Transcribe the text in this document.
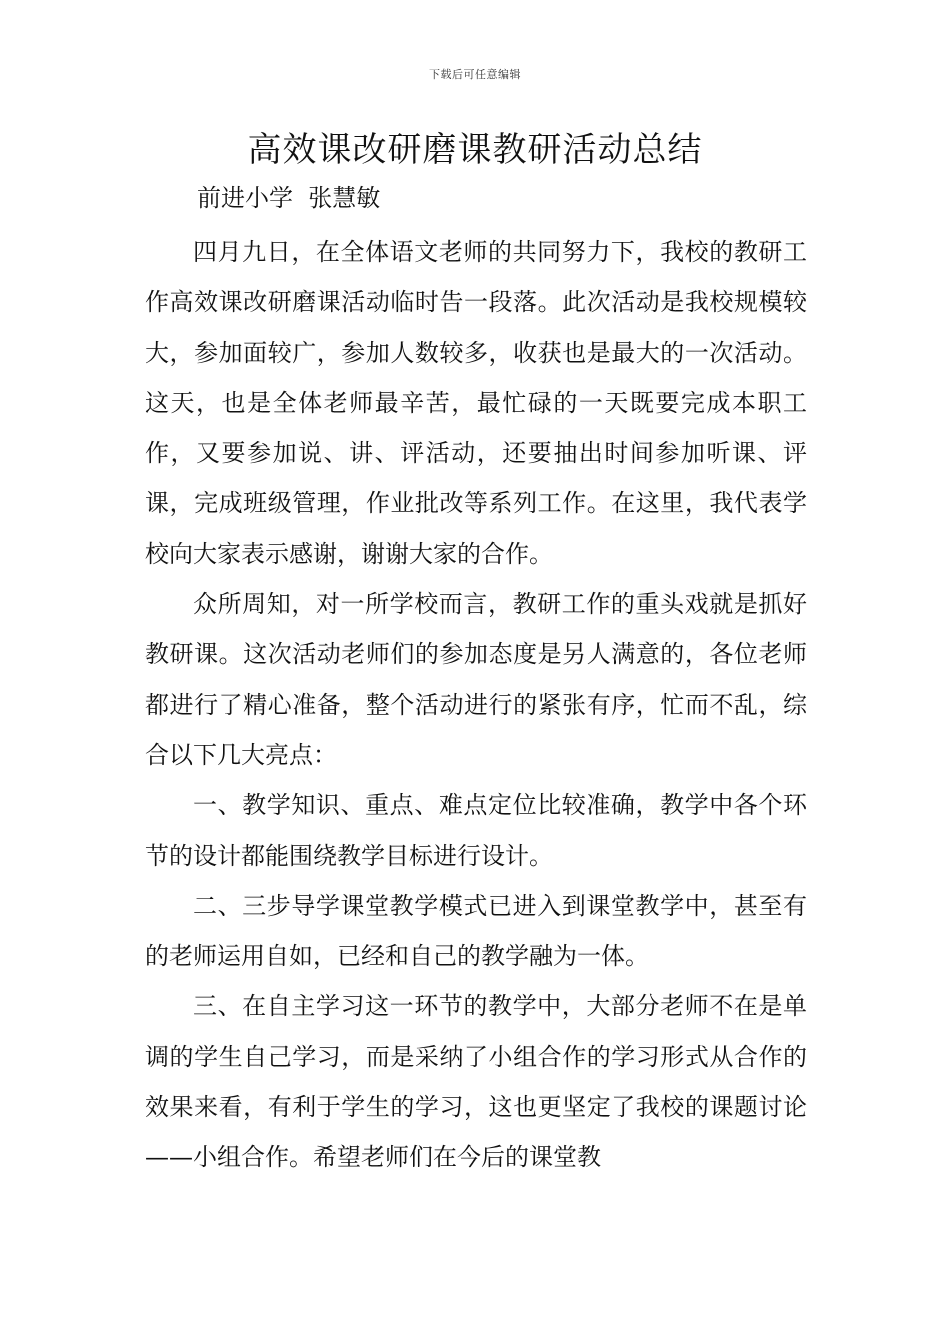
下载后可任意编辑
高效课改研磨课教研活动总结
前进小学  张慧敏

四月九日，在全体语文老师的共同努力下，我校的教研工作高效课改研磨课活动临时告一段落。此次活动是我校规模较大，参加面较广，参加人数较多，收获也是最大的一次活动。这天，也是全体老师最辛苦，最忙碌的一天既要完成本职工作，又要参加说、讲、评活动，还要抽出时间参加听课、评课，完成班级管理，作业批改等系列工作。在这里，我代表学校向大家表示感谢，谢谢大家的合作。

众所周知，对一所学校而言，教研工作的重头戏就是抓好教研课。这次活动老师们的参加态度是另人满意的，各位老师都进行了精心准备，整个活动进行的紧张有序，忙而不乱，综合以下几大亮点：

一、教学知识、重点、难点定位比较准确，教学中各个环节的设计都能围绕教学目标进行设计。

二、三步导学课堂教学模式已进入到课堂教学中，甚至有的老师运用自如，已经和自己的教学融为一体。

三、在自主学习这一环节的教学中，大部分老师不在是单调的学生自己学习，而是采纳了小组合作的学习形式从合作的效果来看，有利于学生的学习，这也更坚定了我校的课题讨论——小组合作。希望老师们在今后的课堂教
